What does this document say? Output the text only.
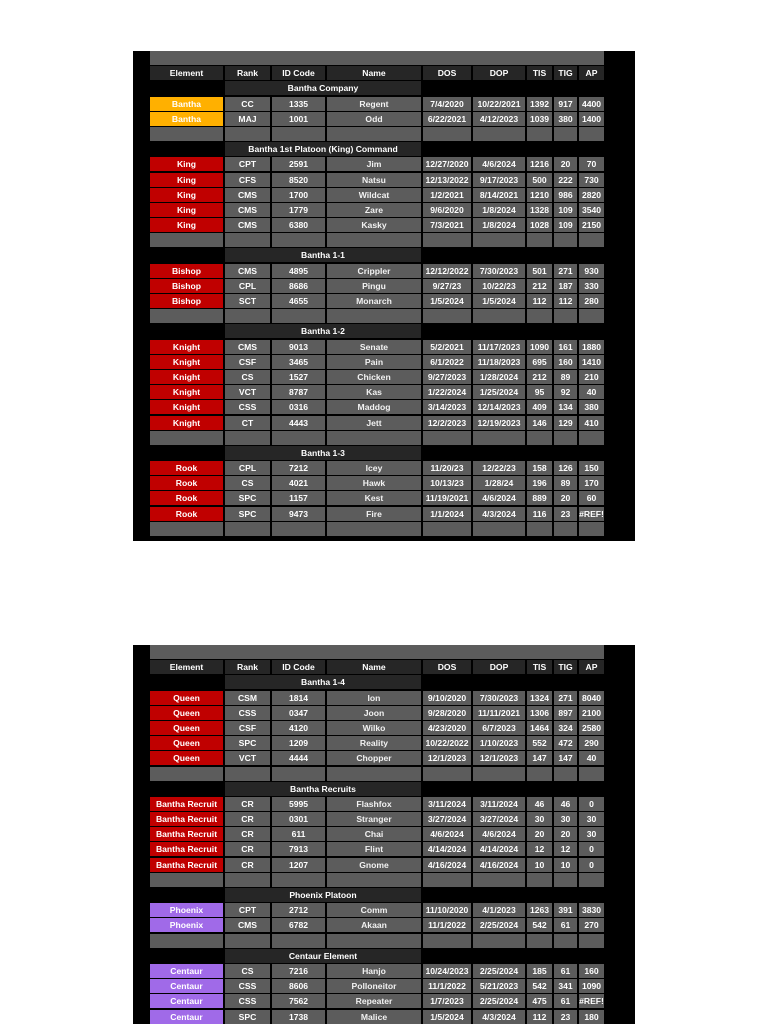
Element	Rank	ID Code	Name	DOS	DOP	TIS	TIG	AP
Bantha Company
Bantha	CC	1335	Regent	7/4/2020	10/22/2021	1392	917	4400
Bantha	MAJ	1001	Odd	6/22/2021	4/12/2023	1039	380	1400
Bantha 1st Platoon (King) Command
King	CPT	2591	Jim	12/27/2020	4/6/2024	1216	20	70
King	CFS	8520	Natsu	12/13/2022	9/17/2023	500	222	730
King	CMS	1700	Wildcat	1/2/2021	8/14/2021	1210	986	2820
King	CMS	1779	Zare	9/6/2020	1/8/2024	1328	109	3540
King	CMS	6380	Kasky	7/3/2021	1/8/2024	1028	109	2150
Bantha 1-1
Bishop	CMS	4895	Crippler	12/12/2022	7/30/2023	501	271	930
Bishop	CPL	8686	Pingu	9/27/23	10/22/23	212	187	330
Bishop	SCT	4655	Monarch	1/5/2024	1/5/2024	112	112	280
Bantha 1-2
Knight	CMS	9013	Senate	5/2/2021	11/17/2023	1090	161	1880
Knight	CSF	3465	Pain	6/1/2022	11/18/2023	695	160	1410
Knight	CS	1527	Chicken	9/27/2023	1/28/2024	212	89	210
Knight	VCT	8787	Kas	1/22/2024	1/25/2024	95	92	40
Knight	CSS	0316	Maddog	3/14/2023	12/14/2023	409	134	380
Knight	CT	4443	Jett	12/2/2023	12/19/2023	146	129	410
Bantha 1-3
Rook	CPL	7212	Icey	11/20/23	12/22/23	158	126	150
Rook	CS	4021	Hawk	10/13/23	1/28/24	196	89	170
Rook	SPC	1157	Kest	11/19/2021	4/6/2024	889	20	60
Rook	SPC	9473	Fire	1/1/2024	4/3/2024	116	23	#REF!
Element	Rank	ID Code	Name	DOS	DOP	TIS	TIG	AP
Bantha 1-4
Queen	CSM	1814	Ion	9/10/2020	7/30/2023	1324	271	8040
Queen	CSS	0347	Joon	9/28/2020	11/11/2021	1306	897	2100
Queen	CSF	4120	Wilko	4/23/2020	6/7/2023	1464	324	2580
Queen	SPC	1209	Reality	10/22/2022	1/10/2023	552	472	290
Queen	VCT	4444	Chopper	12/1/2023	12/1/2023	147	147	40
Bantha Recruits
Bantha Recruit	CR	5995	Flashfox	3/11/2024	3/11/2024	46	46	0
Bantha Recruit	CR	0301	Stranger	3/27/2024	3/27/2024	30	30	30
Bantha Recruit	CR	611	Chai	4/6/2024	4/6/2024	20	20	30
Bantha Recruit	CR	7913	Flint	4/14/2024	4/14/2024	12	12	0
Bantha Recruit	CR	1207	Gnome	4/16/2024	4/16/2024	10	10	0
Phoenix Platoon
Phoenix	CPT	2712	Comm	11/10/2020	4/1/2023	1263	391	3830
Phoenix	CMS	6782	Akaan	11/1/2022	2/25/2024	542	61	270
Centaur Element
Centaur	CS	7216	Hanjo	10/24/2023	2/25/2024	185	61	160
Centaur	CSS	8606	Polloneitor	11/1/2022	5/21/2023	542	341	1090
Centaur	CSS	7562	Repeater	1/7/2023	2/25/2024	475	61	#REF!
Centaur	SPC	1738	Malice	1/5/2024	4/3/2024	112	23	180
